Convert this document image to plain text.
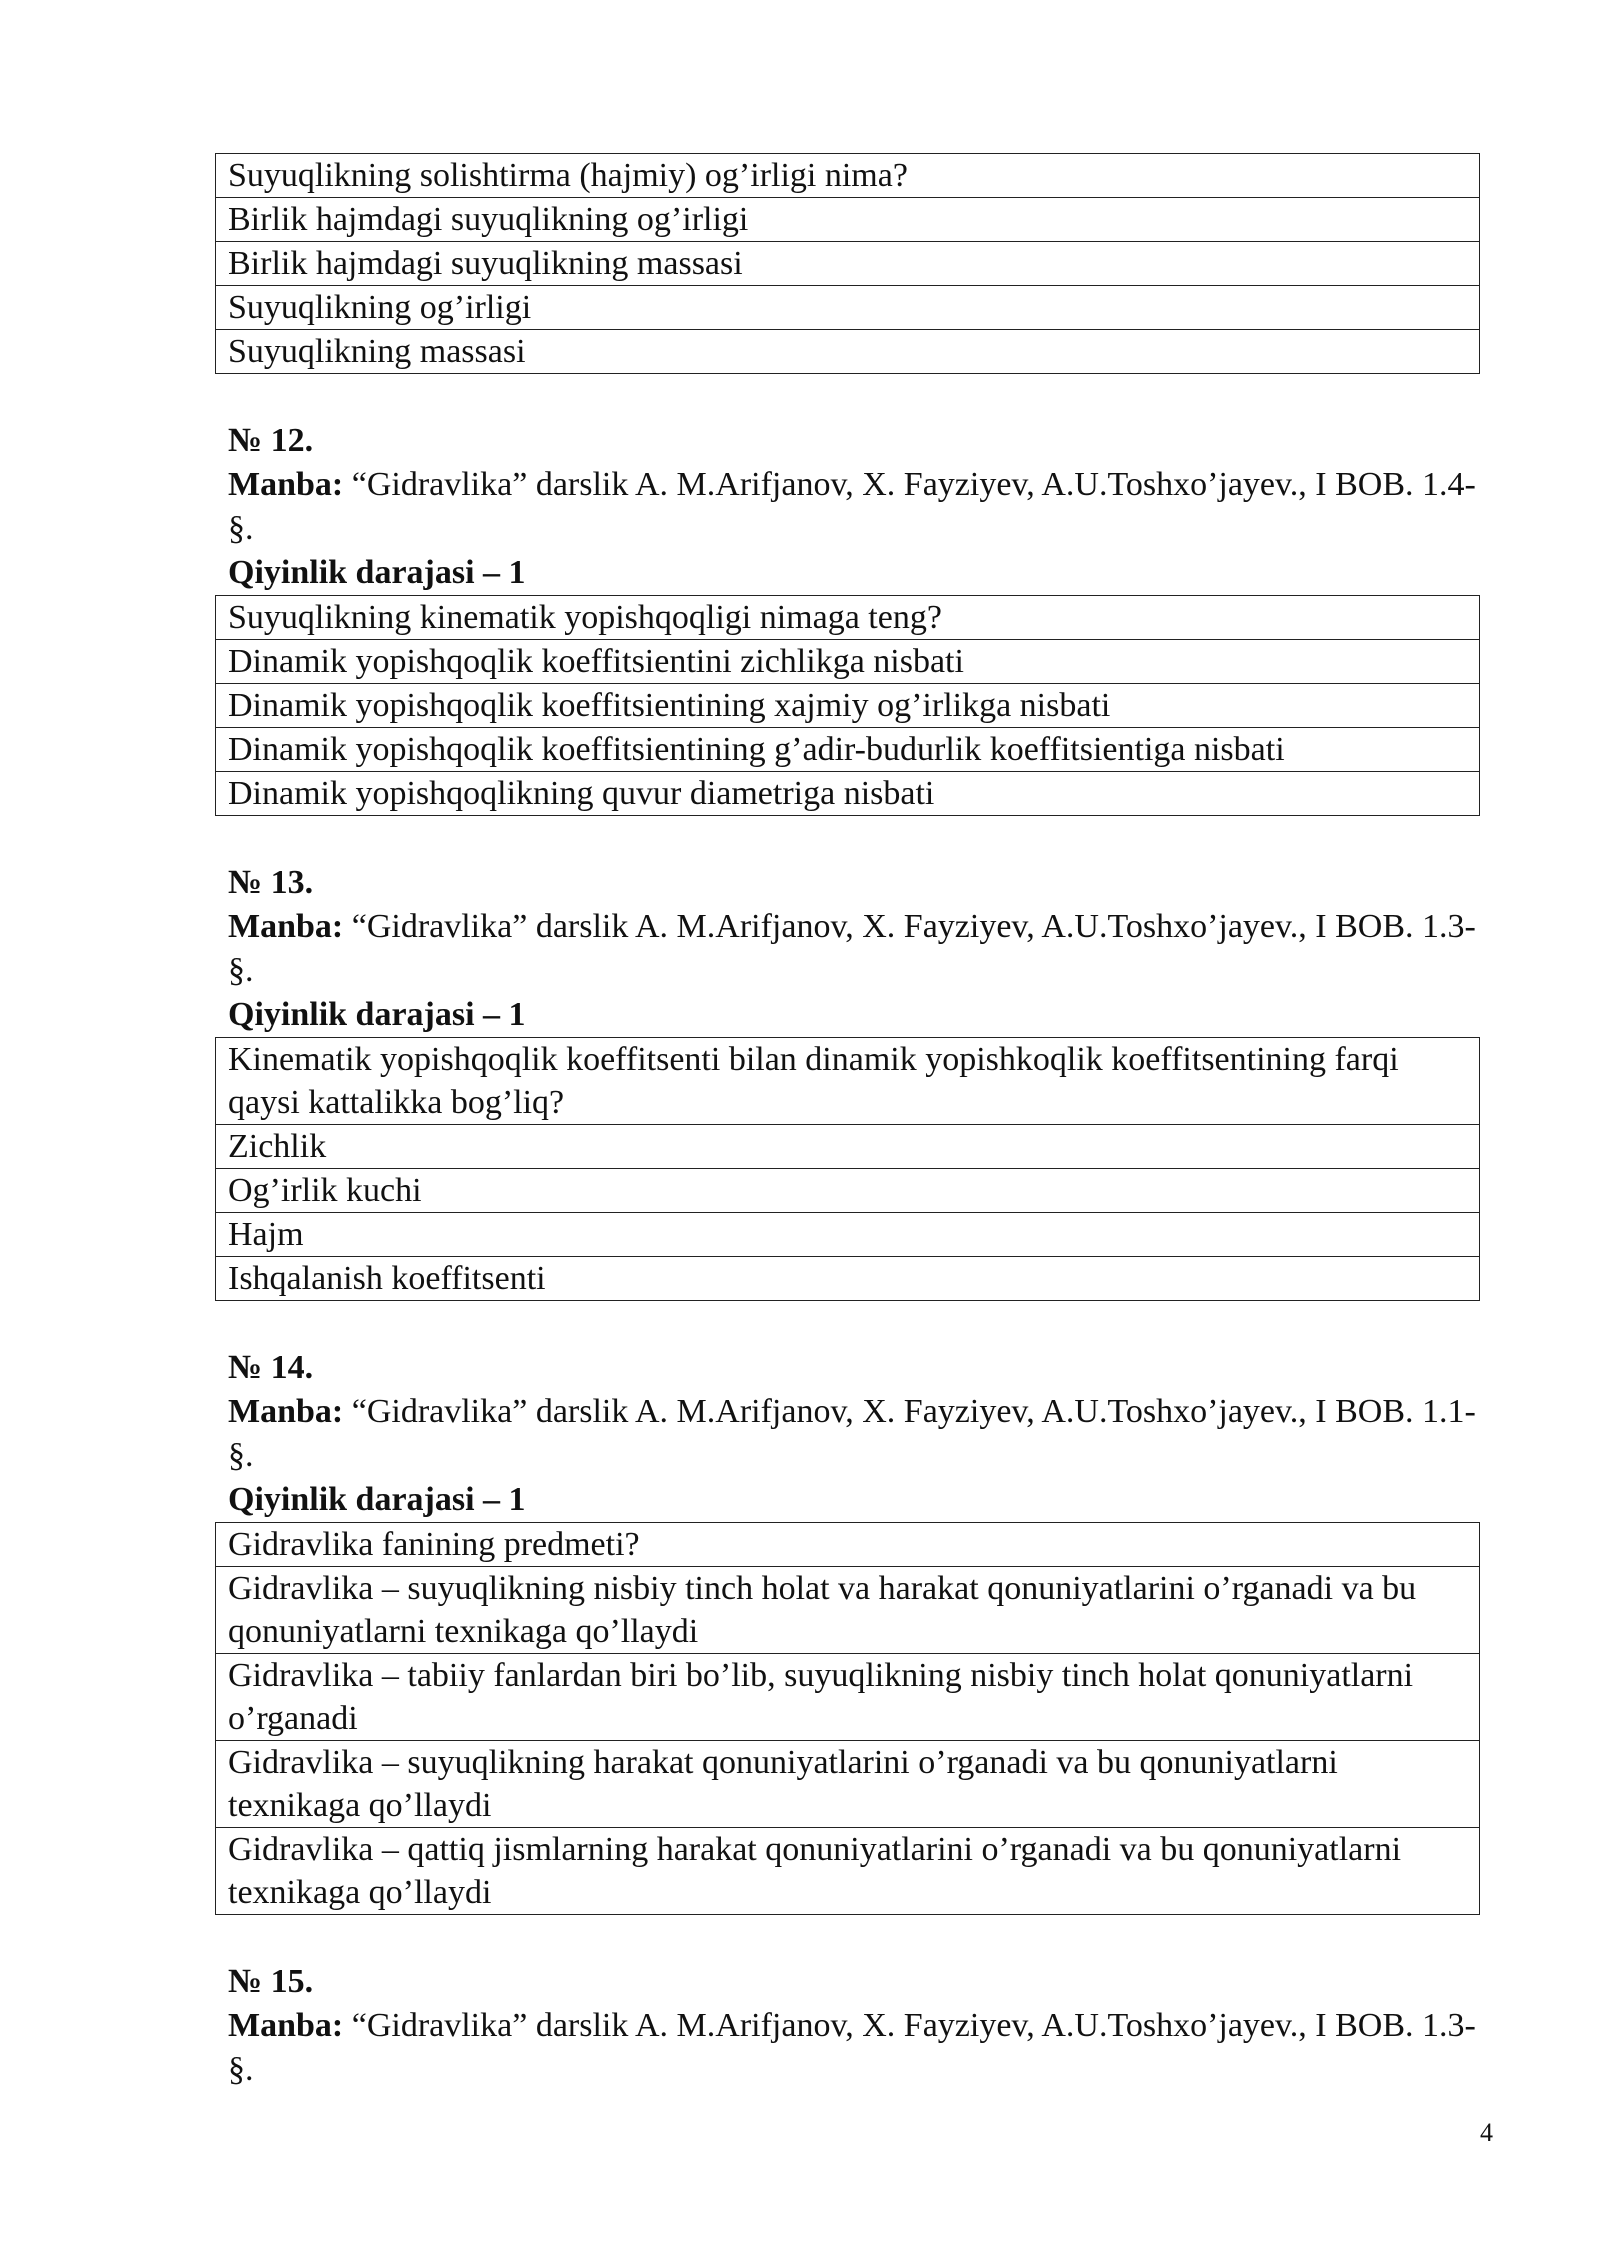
Suyuqlikning solishtirma (hajmiy) og’irligi nima?
Birlik hajmdagi suyuqlikning og’irligi
Birlik hajmdagi suyuqlikning massasi
Suyuqlikning og’irligi
Suyuqlikning massasi
№ 12.
Manba: “Gidravlika” darslik A. M.Arifjanov, X. Fayziyev, A.U.Toshxo’jayev., I BOB. 1.4-§.
Qiyinlik darajasi – 1
Suyuqlikning kinematik yopishqoqligi nimaga teng?
Dinamik yopishqoqlik koeffitsientini zichlikga nisbati
Dinamik yopishqoqlik koeffitsientining xajmiy og’irlikga nisbati
Dinamik yopishqoqlik koeffitsientining g’adir-budurlik koeffitsientiga nisbati
Dinamik yopishqoqlikning quvur diametriga nisbati
№ 13.
Manba: “Gidravlika” darslik A. M.Arifjanov, X. Fayziyev, A.U.Toshxo’jayev., I BOB. 1.3-§.
Qiyinlik darajasi – 1
Kinematik yopishqoqlik koeffitsenti bilan dinamik yopishkoqlik koeffitsentining farqi qaysi kattalikka bog’liq?
Zichlik
Og’irlik kuchi
Hajm
Ishqalanish koeffitsenti
№ 14.
Manba: “Gidravlika” darslik A. M.Arifjanov, X. Fayziyev, A.U.Toshxo’jayev., I BOB. 1.1-§.
Qiyinlik darajasi – 1
Gidravlika fanining predmeti?
Gidravlika – suyuqlikning nisbiy tinch holat va harakat qonuniyatlarini o’rganadi va bu qonuniyatlarni texnikaga qo’llaydi
Gidravlika – tabiiy fanlardan biri bo’lib, suyuqlikning nisbiy tinch holat qonuniyatlarni o’rganadi
Gidravlika – suyuqlikning harakat qonuniyatlarini o’rganadi va bu qonuniyatlarni texnikaga qo’llaydi
Gidravlika – qattiq jismlarning harakat qonuniyatlarini o’rganadi va bu qonuniyatlarni texnikaga qo’llaydi
№ 15.
Manba: “Gidravlika” darslik A. M.Arifjanov, X. Fayziyev, A.U.Toshxo’jayev., I BOB. 1.3-§.
4
